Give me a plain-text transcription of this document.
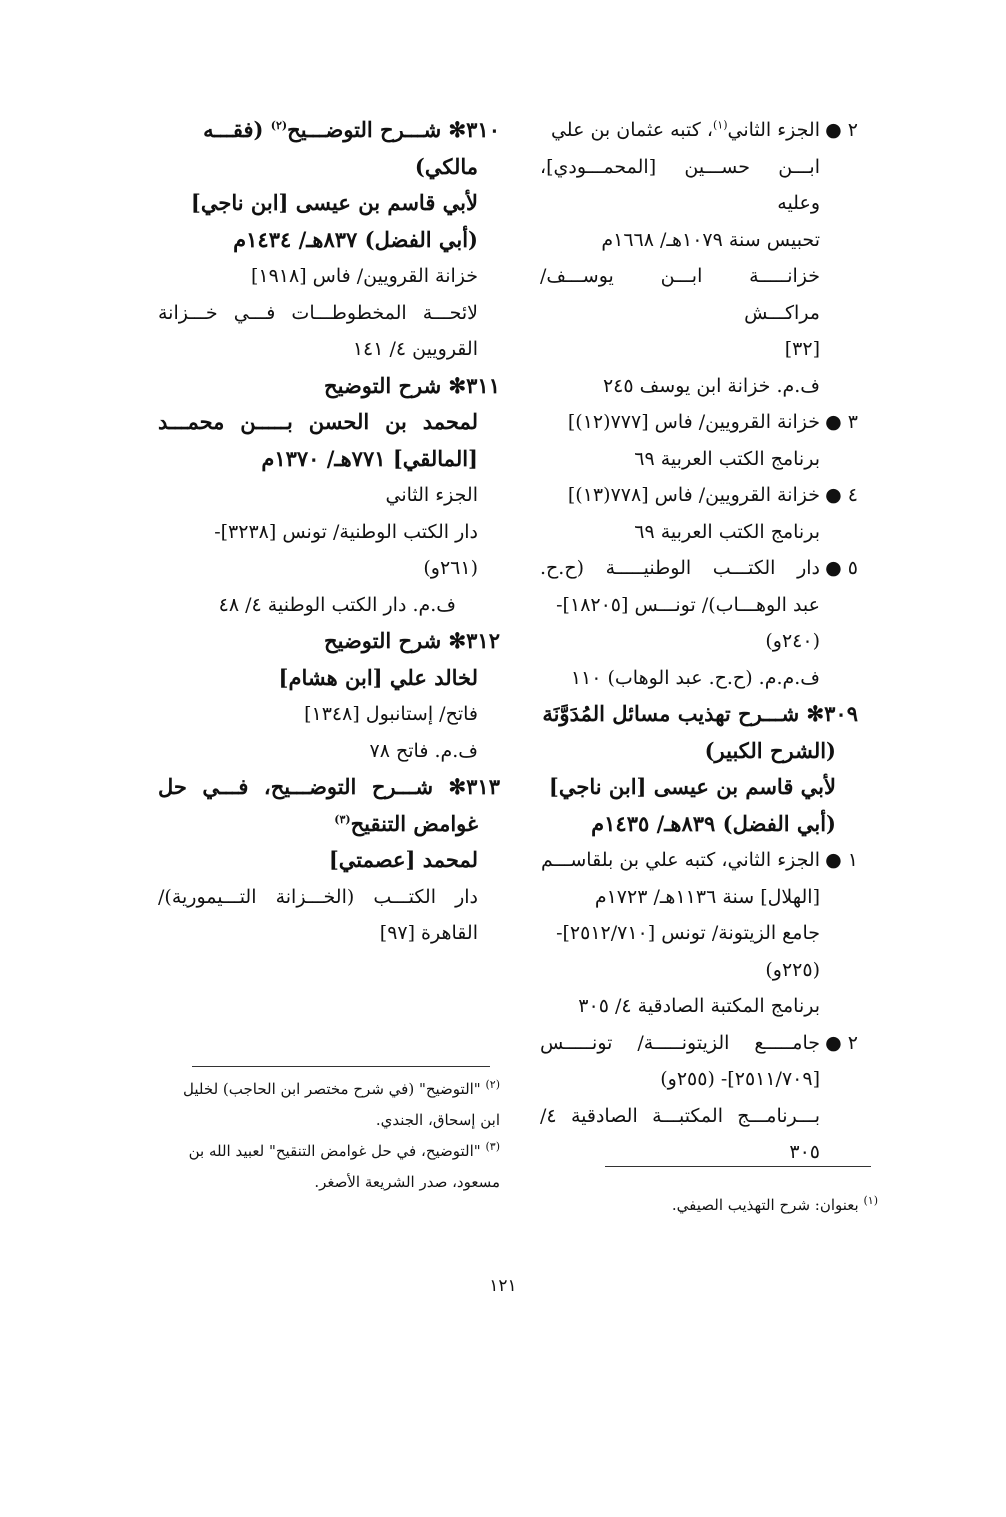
٢ ●
الجزء الثاني$^{(١)}$، كتبه عثمان بن علي
ابـــن حســـين [المحمـــودي]، وعليه
تحبيس سنة ١٠٧٩هـ/ ١٦٦٨م
خزانـــــة ابـــن يوســـف/ مراكـــش
[٣٢]
ف.م. خزانة ابن يوسف ٢٤٥
٣ ●
خزانة القرويين/ فاس [٧٧٧(١٢)]
برنامج الكتب العربية ٦٩
٤ ●
خزانة القرويين/ فاس [٧٧٨(١٣)]
برنامج الكتب العربية ٦٩
٥ ●
دار الكتـــب الوطنيـــــة (ح.ح.
عبد الوهـــاب)/ تونـــس [١٨٢٠٥]-
(٢٤٠و)
ف.م.م. (ح.ح. عبد الوهاب) ١١٠
٣٠٩✻ شـــرح تهذيب مسائل المُدَوَّنَة
(الشرح الكبير)
لأبي قاسم بن عيسى [ابن ناجي]
(أبي الفضل) ٨٣٩هـ/ ١٤٣٥م
١ ●
الجزء الثاني، كتبه علي بن بلقاســـم
[الهلال] سنة ١١٣٦هـ/ ١٧٢٣م
جامع الزيتونة/ تونس [٢٥١٢/٧١٠]-
(٢٢٥و)
برنامج المكتبة الصادقية ٤/ ٣٠٥
٢ ●
جامـــــع الزيتونـــــة/ تونـــــس
[٢٥١١/٧٠٩]- (٢٥٥و)
بـــرنامـــج المكتبـــة الصادقية ٤/
٣٠٥
٣١٠✻ شـــرح التوضـــيح$^{(٢)}$ (فقـــه
مالكي)
لأبي قاسم بن عيسى [ابن ناجي]
(أبي الفضل) ٨٣٧هـ/ ١٤٣٤م
خزانة القرويين/ فاس [١٩١٨]
لائحـــة المخطوطـــات فـــي خـــزانة
القرويين ٤/ ١٤١
٣١١✻ شرح التوضيح
لمحمد بن الحسن بـــــن محمـــد
[المالقي] ٧٧١هـ/ ١٣٧٠م
الجزء الثاني
دار الكتب الوطنية/ تونس [٣٢٣٨]-
(٢٦١و)
ف.م. دار الكتب الوطنية ٤/ ٤٨
٣١٢✻ شرح التوضيح
لخالد علي [ابن هشام]
فاتح/ إستانبول [١٣٤٨]
ف.م. فاتح ٧٨
٣١٣✻ شـــرح التوضـــيح، فـــي حل
غوامض التنقيح$^{(٣)}$
لمحمد [عصمتي]
دار الكتـــب (الخـــزانة التـــيمورية)/
القاهرة [٩٧]
$^{(٢)}$ "التوضيح" (في شرح مختصر ابن الحاجب) لخليل
ابن إسحاق، الجندي.
$^{(٣)}$ "التوضيح، في حل غوامض التنقيح" لعبيد الله بن
مسعود، صدر الشريعة الأصغر.
$^{(١)}$ بعنوان: شرح التهذيب الصيفي.
١٢١
